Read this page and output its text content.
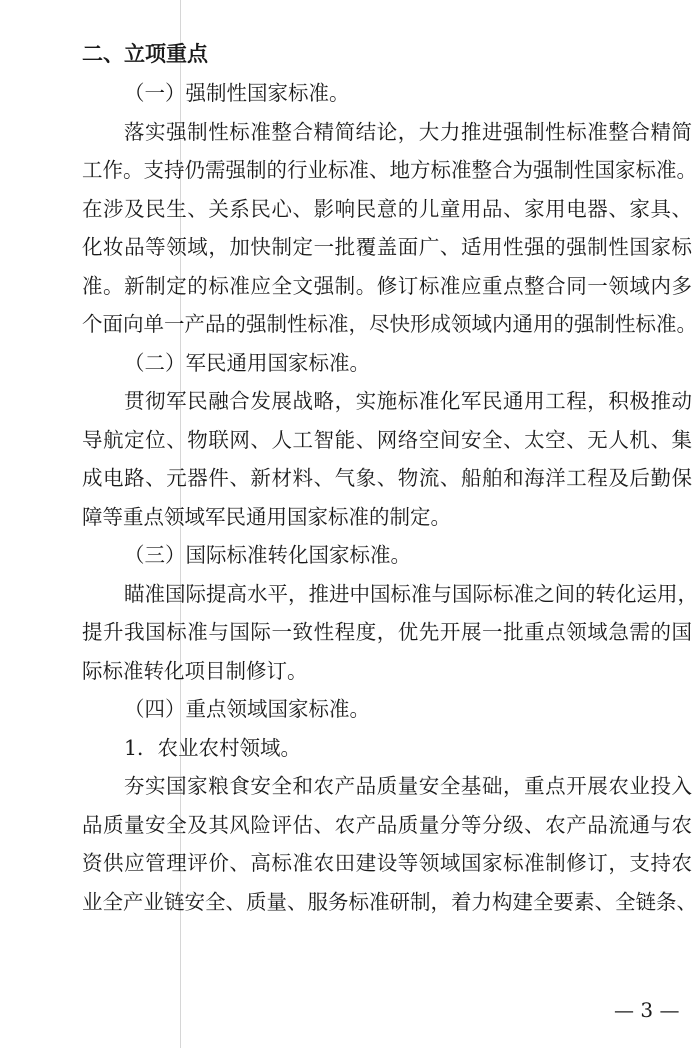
二、立项重点
（一）强制性国家标准。
落实强制性标准整合精简结论，大力推进强制性标准整合精简
工作。支持仍需强制的行业标准、地方标准整合为强制性国家标准。
在涉及民生、关系民心、影响民意的儿童用品、家用电器、家具、
化妆品等领域，加快制定一批覆盖面广、适用性强的强制性国家标
准。新制定的标准应全文强制。修订标准应重点整合同一领域内多
个面向单一产品的强制性标准，尽快形成领域内通用的强制性标准。
（二）军民通用国家标准。
贯彻军民融合发展战略，实施标准化军民通用工程，积极推动
导航定位、物联网、人工智能、网络空间安全、太空、无人机、集
成电路、元器件、新材料、气象、物流、船舶和海洋工程及后勤保
障等重点领域军民通用国家标准的制定。
（三）国际标准转化国家标准。
瞄准国际提高水平，推进中国标准与国际标准之间的转化运用，
提升我国标准与国际一致性程度，优先开展一批重点领域急需的国
际标准转化项目制修订。
（四）重点领域国家标准。
1．农业农村领域。
夯实国家粮食安全和农产品质量安全基础，重点开展农业投入
品质量安全及其风险评估、农产品质量分等分级、农产品流通与农
资供应管理评价、高标准农田建设等领域国家标准制修订，支持农
业全产业链安全、质量、服务标准研制，着力构建全要素、全链条、
— 3 —
